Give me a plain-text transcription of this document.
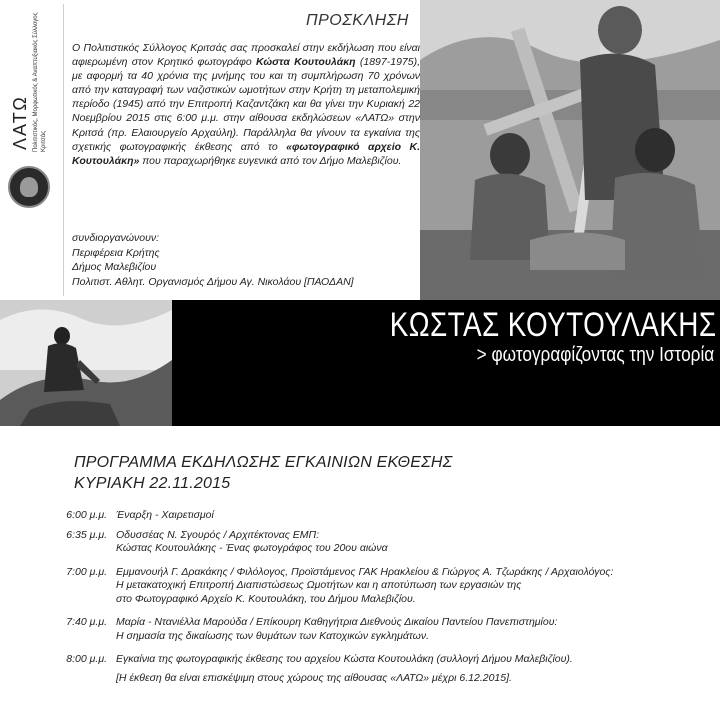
ΛΑΤΩ Πολιτιστικός, Μορφωτικός & Αναπτυξιακός Σύλλογος Κριτσάς
ΠΡΟΣΚΛΗΣΗ
Ο Πολιτιστικός Σύλλογος Κριτσάς σας προσκαλεί στην εκδήλωση που είναι αφιερωμένη στον Κρητικό φωτογράφο Κώστα Κουτουλάκη (1897-1975), με αφορμή τα 40 χρόνια της μνήμης του και τη συμπλήρωση 70 χρόνων από την καταγραφή των ναζιστικών ωμοτήτων στην Κρήτη τη μεταπολεμική περίοδο (1945) από την Επιτροπή Καζαντζάκη και θα γίνει την Κυριακή 22 Νοεμβρίου 2015 στις 6:00 μ.μ. στην αίθουσα εκδηλώσεων «ΛΑΤΩ» στην Κριτσά (πρ. Ελαιουργείο Αρχαύλη). Παράλληλα θα γίνουν τα εγκαίνια της σχετικής φωτογραφικής έκθεσης από το «φωτογραφικό αρχείο Κ. Κουτουλάκη» που παραχωρήθηκε ευγενικά από τον Δήμο Μαλεβιζίου.
συνδιοργανώνουν:
Περιφέρεια Κρήτης
Δήμος Μαλεβιζίου
Πολιτιστ. Αθλητ. Οργανισμός Δήμου Αγ. Νικολάου [ΠΑΟΔΑΝ]
ΚΩΣΤΑΣ ΚΟΥΤΟΥΛΑΚΗΣ
> φωτογραφίζοντας την Ιστορία
ΠΡΟΓΡΑΜΜΑ ΕΚΔΗΛΩΣΗΣ ΕΓΚΑΙΝΙΩΝ ΕΚΘΕΣΗΣ
ΚΥΡΙΑΚΗ 22.11.2015
6:00 μ.μ. Έναρξη - Χαιρετισμοί
6:35 μ.μ. Οδυσσέας Ν. Σγουρός / Αρχιτέκτονας ΕΜΠ:
Κώστας Κουτουλάκης - Ένας φωτογράφος του 20ου αιώνα
7:00 μ.μ. Εμμανουήλ Γ. Δρακάκης / Φιλόλογος, Προϊστάμενος ΓΑΚ Ηρακλείου & Γιώργος Α. Τζωράκης / Αρχαιολόγος:
Η μετακατοχική Επιτροπή Διαπιστώσεως Ωμοτήτων και η αποτύπωση των εργασιών της
στο Φωτογραφικό Αρχείο Κ. Κουτουλάκη, του Δήμου Μαλεβιζίου.
7:40 μ.μ. Μαρία - Ντανιέλλα Μαρούδα / Επίκουρη Καθηγήτρια Διεθνούς Δικαίου Παντείου Πανεπιστημίου:
Η σημασία της δικαίωσης των θυμάτων των Κατοχικών εγκλημάτων.
8:00 μ.μ. Εγκαίνια της φωτογραφικής έκθεσης του αρχείου Κώστα Κουτουλάκη (συλλογή Δήμου Μαλεβιζίου).
[Η έκθεση θα είναι επισκέψιμη στους χώρους της αίθουσας «ΛΑΤΩ» μέχρι 6.12.2015].
